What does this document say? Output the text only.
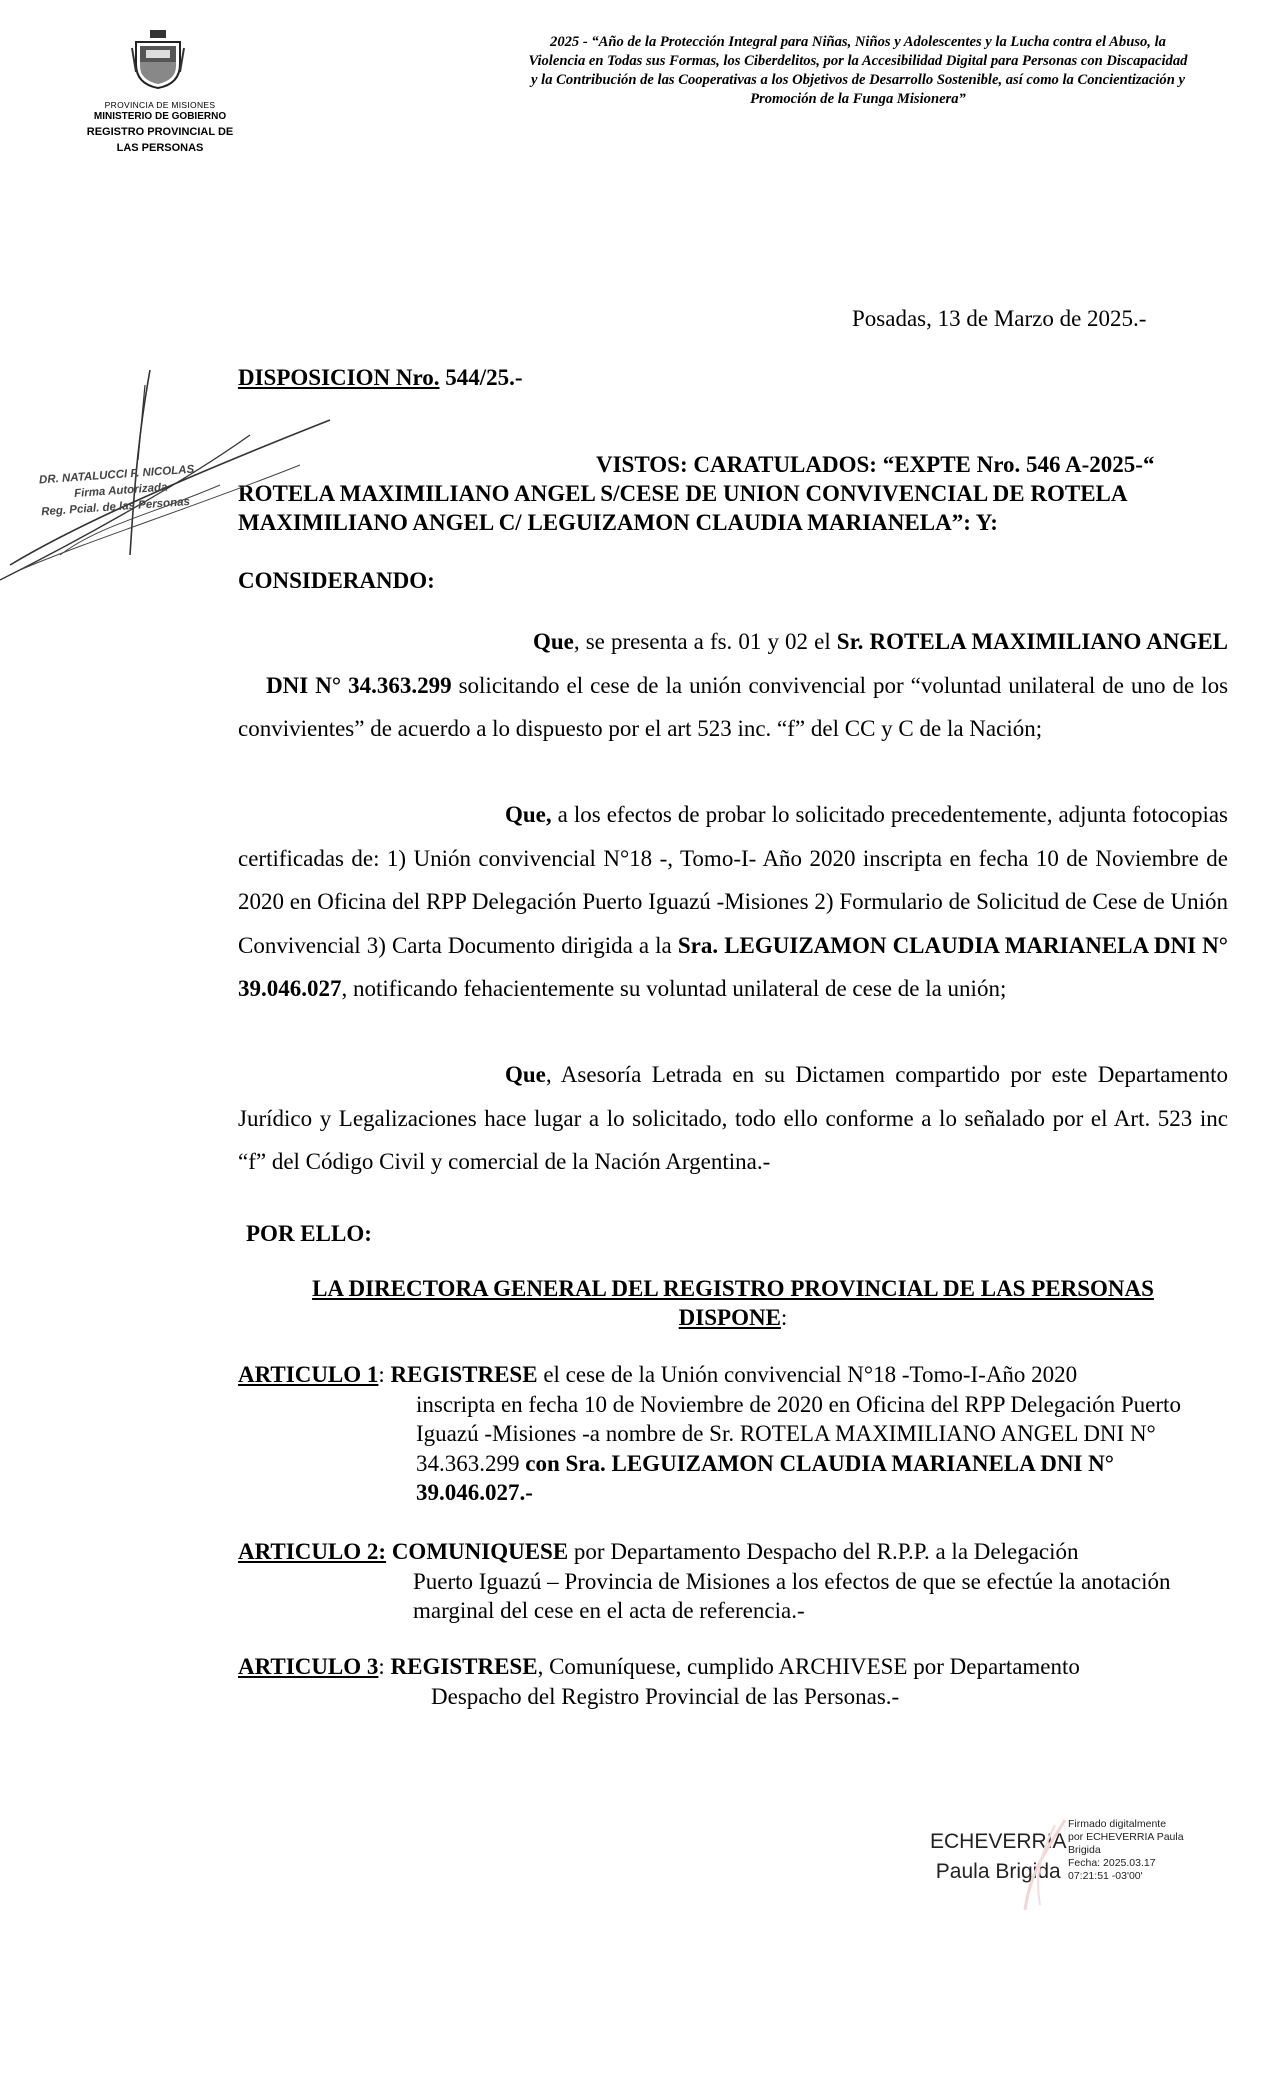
PROVINCIA DE MISIONES
MINISTERIO DE GOBIERNO
REGISTRO PROVINCIAL DE LAS PERSONAS
2025 - “Año de la Protección Integral para Niñas, Niños y Adolescentes y la Lucha contra el Abuso, la Violencia en Todas sus Formas, los Ciberdelitos, por la Accesibilidad Digital para Personas con Discapacidad y la Contribución de las Cooperativas a los Objetivos de Desarrollo Sostenible, así como la Concientización y Promoción de la Funga Misionera”
Posadas, 13 de Marzo de 2025.-
DISPOSICION Nro. 544/25.-
VISTOS: CARATULADOS: “EXPTE Nro. 546 A-2025-“
ROTELA MAXIMILIANO ANGEL S/CESE DE UNION CONVIVENCIAL DE ROTELA MAXIMILIANO ANGEL C/ LEGUIZAMON CLAUDIA MARIANELA”: Y:
CONSIDERANDO:
Que, se presenta a fs. 01 y 02 el Sr. ROTELA MAXIMILIANO ANGEL    DNI N° 34.363.299 solicitando el cese de la unión convivencial por “voluntad unilateral de uno de los convivientes” de acuerdo a lo dispuesto por el art 523 inc. “f” del CC y C de la Nación;
Que, a los efectos de probar lo solicitado precedentemente, adjunta fotocopias certificadas de: 1) Unión convivencial N°18 -, Tomo-I- Año 2020 inscripta en fecha 10 de Noviembre de 2020 en Oficina del RPP Delegación Puerto Iguazú -Misiones 2) Formulario de Solicitud de Cese de Unión Convivencial 3) Carta Documento dirigida a la Sra. LEGUIZAMON CLAUDIA MARIANELA DNI N° 39.046.027, notificando fehacientemente su voluntad unilateral de cese de la unión;
Que, Asesoría Letrada en su Dictamen compartido por este Departamento Jurídico y Legalizaciones hace lugar a lo solicitado, todo ello conforme a lo señalado por el Art. 523 inc “f” del Código Civil y comercial de la Nación Argentina.-
POR ELLO:
LA DIRECTORA GENERAL DEL REGISTRO PROVINCIAL DE LAS PERSONAS
DISPONE:
ARTICULO 1: REGISTRESE el cese de la Unión convivencial N°18 -Tomo-I-Año 2020
inscripta en fecha 10 de Noviembre de 2020 en Oficina del RPP Delegación Puerto Iguazú -Misiones -a nombre de Sr. ROTELA MAXIMILIANO ANGEL DNI N° 34.363.299 con Sra. LEGUIZAMON CLAUDIA MARIANELA DNI N° 39.046.027.-
ARTICULO 2: COMUNIQUESE por Departamento Despacho del R.P.P. a la Delegación
Puerto Iguazú – Provincia de Misiones a los efectos de que se efectúe la anotación marginal del cese en el acta de referencia.-
ARTICULO 3: REGISTRESE, Comuníquese, cumplido ARCHIVESE por Departamento
Despacho del Registro Provincial de las Personas.-
DR. NATALUCCI F. NICOLAS
Firma Autorizada
Reg. Pcial. de las Personas
ECHEVERRIA
Paula Brigida
Firmado digitalmente
por ECHEVERRIA Paula
Brigida
Fecha: 2025.03.17
07:21:51 -03'00'
